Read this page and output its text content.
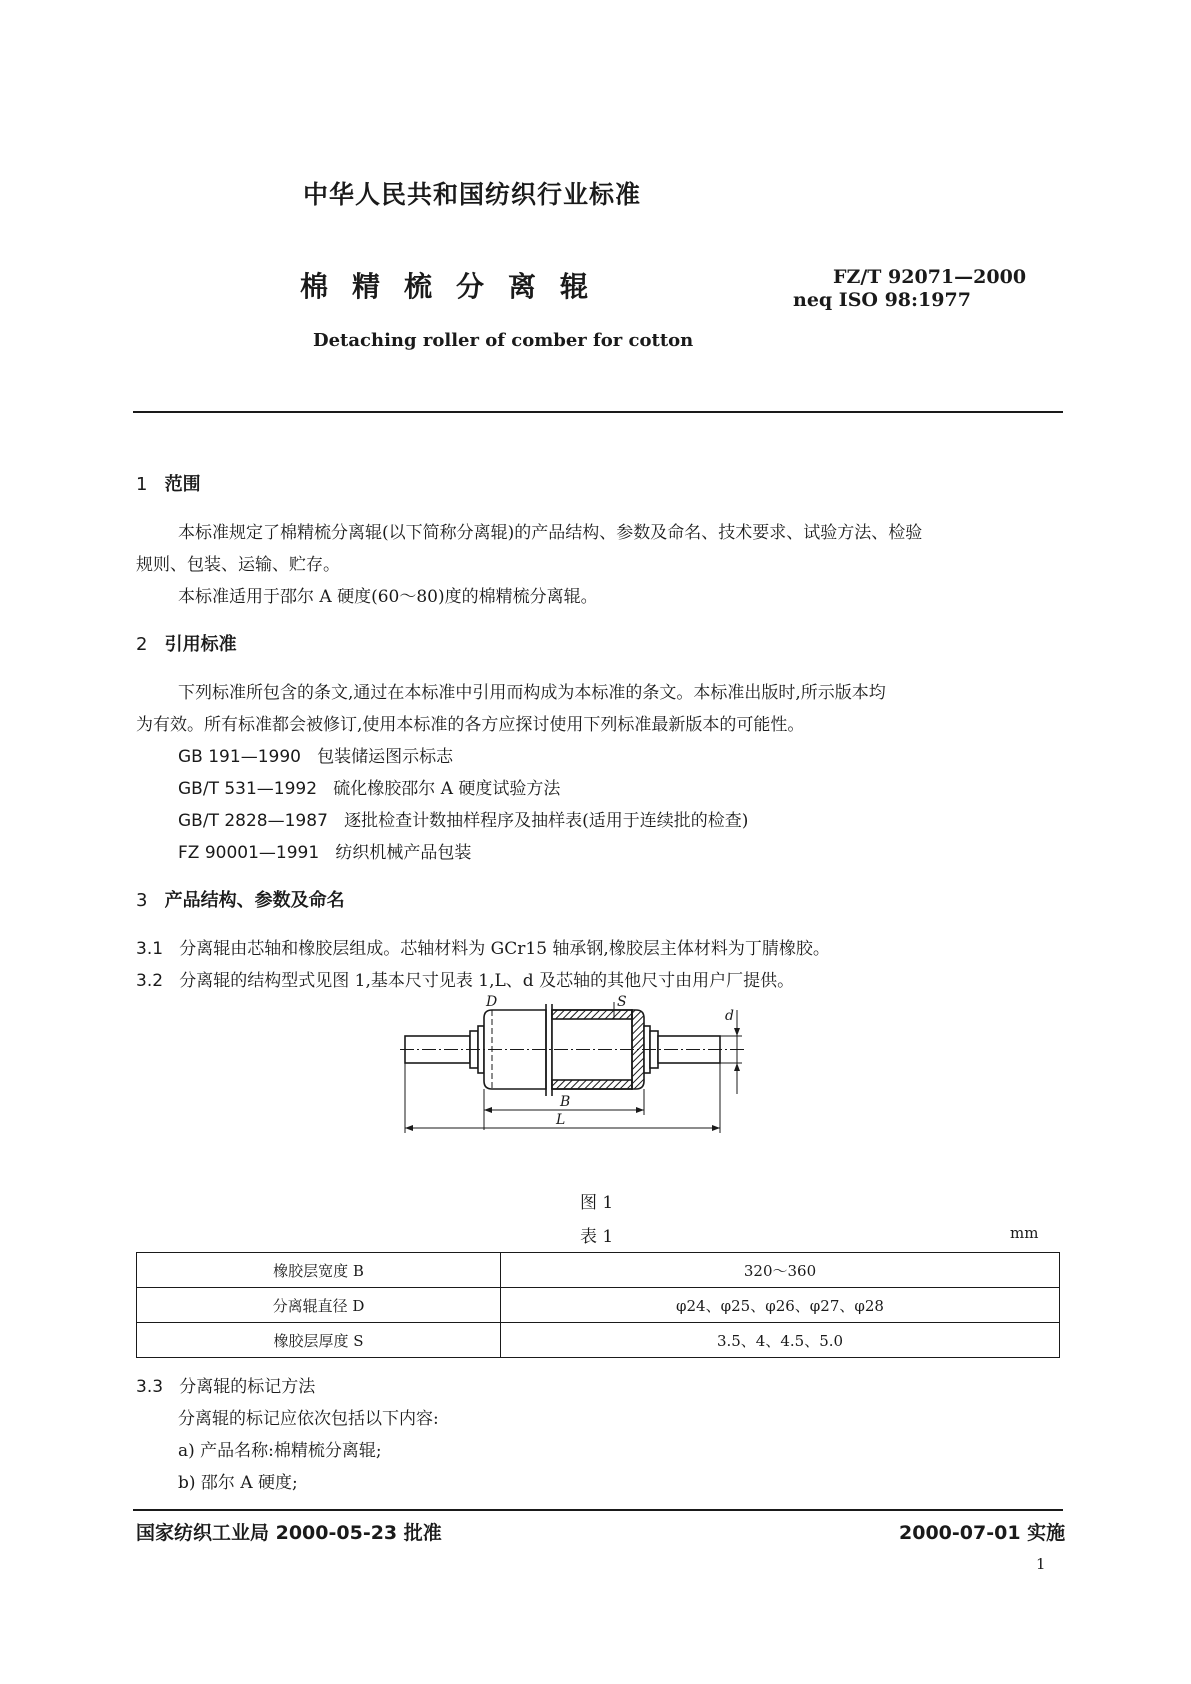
中华人民共和国纺织行业标准
棉精梳分离辊	FZ/T 92071—2000
neq ISO 98:1977
Detaching roller of comber for cotton
1 范围
本标准规定了棉精梳分离辊(以下简称分离辊)的产品结构、参数及命名、技术要求、试验方法、检验
规则、包装、运输、贮存。
本标准适用于邵尔 A 硬度(60～80)度的棉精梳分离辊。
2 引用标准
下列标准所包含的条文,通过在本标准中引用而构成为本标准的条文。本标准出版时,所示版本均
为有效。所有标准都会被修订,使用本标准的各方应探讨使用下列标准最新版本的可能性。
GB 191—1990 包装储运图示标志
GB/T 531—1992 硫化橡胶邵尔 A 硬度试验方法
GB/T 2828—1987 逐批检查计数抽样程序及抽样表(适用于连续批的检查)
FZ 90001—1991 纺织机械产品包装
3 产品结构、参数及命名
3.1 分离辊由芯轴和橡胶层组成。芯轴材料为 GCr15 轴承钢,橡胶层主体材料为丁腈橡胶。
3.2 分离辊的结构型式见图 1,基本尺寸见表 1,L、d 及芯轴的其他尺寸由用户厂提供。
D	S
d
B
L
图 1
表 1	mm
橡胶层宽度 B	320～360
分离辊直径 D	φ24、φ25、φ26、φ27、φ28
橡胶层厚度 S	3.5、4、4.5、5.0
3.3 分离辊的标记方法
分离辊的标记应依次包括以下内容:
a) 产品名称:棉精梳分离辊;
b) 邵尔 A 硬度;
国家纺织工业局 2000-05-23 批准	2000-07-01 实施
1
